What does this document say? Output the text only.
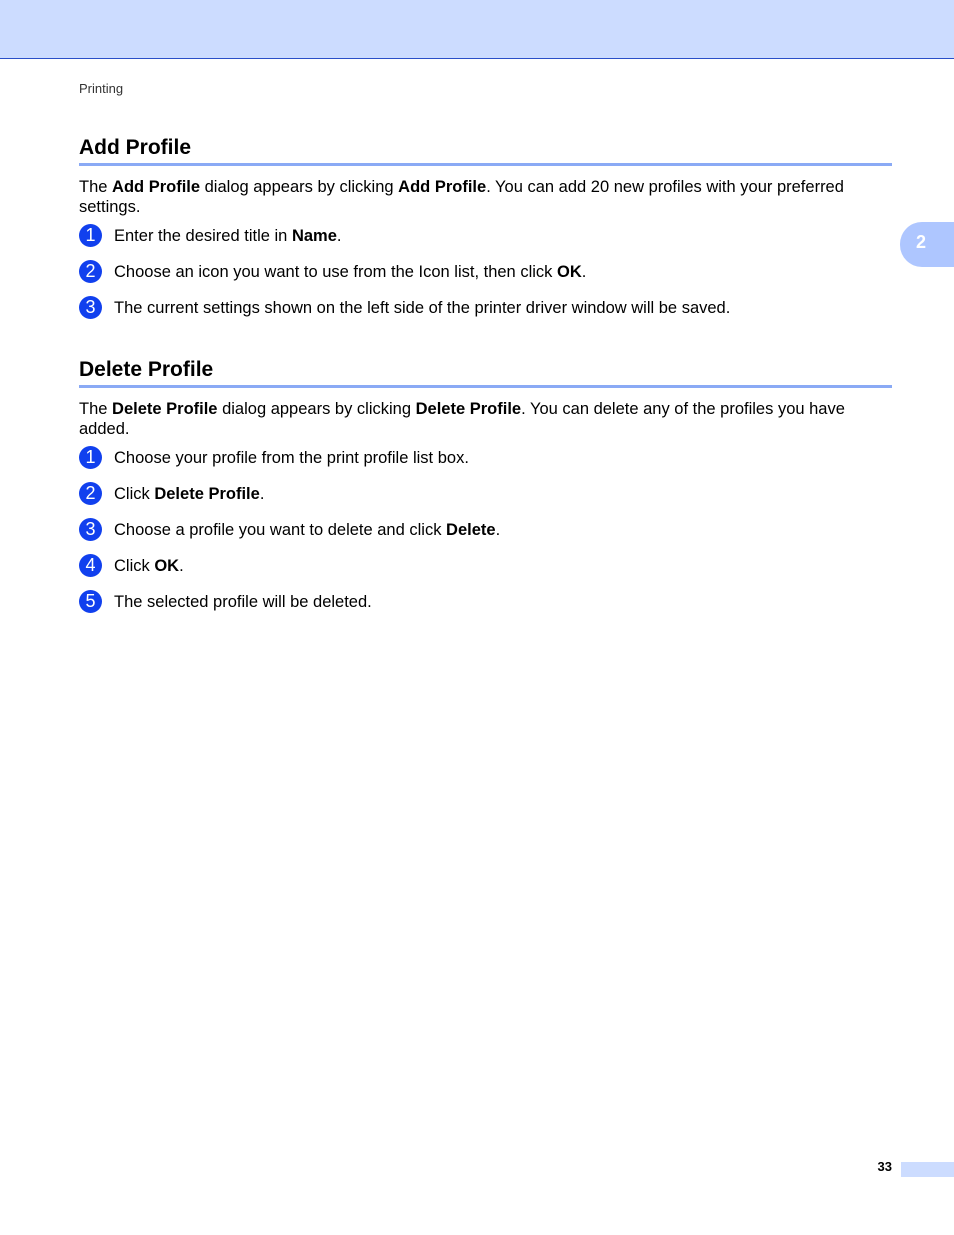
Printing
2
Add Profile

The Add Profile dialog appears by clicking Add Profile. You can add 20 new profiles with your preferred settings.

1	Enter the desired title in Name.
2	Choose an icon you want to use from the Icon list, then click OK.
3	The current settings shown on the left side of the printer driver window will be saved.
Delete Profile

The Delete Profile dialog appears by clicking Delete Profile. You can delete any of the profiles you have added.

1	Choose your profile from the print profile list box.
2	Click Delete Profile.
3	Choose a profile you want to delete and click Delete.
4	Click OK.
5	The selected profile will be deleted.
33
